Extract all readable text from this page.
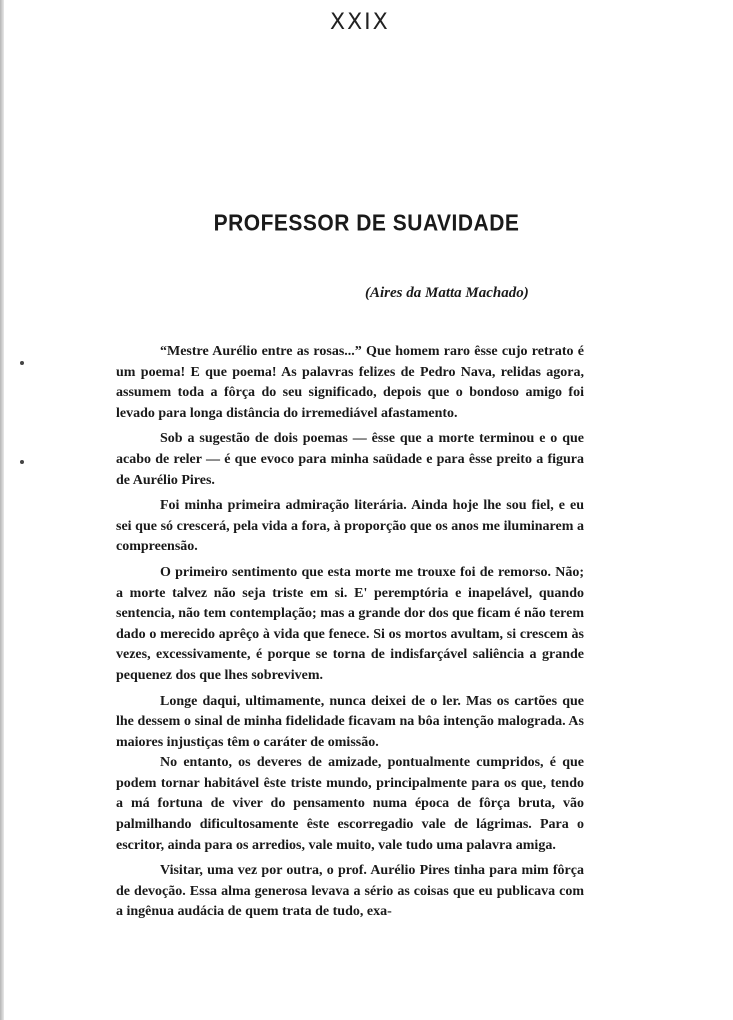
XXIX
PROFESSOR DE SUAVIDADE
(Aires da Matta Machado)

“Mestre Aurélio entre as rosas...” Que homem raro êsse cujo retrato é um poema! E que poema! As palavras felizes de Pedro Nava, relidas agora, assumem toda a fôrça do seu significado, depois que o bondoso amigo foi levado para longa distância do irremediável afastamento.

Sob a sugestão de dois poemas — êsse que a morte terminou e o que acabo de reler — é que evoco para minha saüdade e para êsse preito a figura de Aurélio Pires.

Foi minha primeira admiração literária. Ainda hoje lhe sou fiel, e eu sei que só crescerá, pela vida a fora, à proporção que os anos me iluminarem a compreensão.

O primeiro sentimento que esta morte me trouxe foi de remorso. Não; a morte talvez não seja triste em si. E' peremptória e inapelável, quando sentencia, não tem contemplação; mas a grande dor dos que ficam é não terem dado o merecido aprêço à vida que fenece. Si os mortos avultam, si crescem às vezes, excessivamente, é porque se torna de indisfarçável saliência a grande pequenez dos que lhes sobrevivem.

Longe daqui, ultimamente, nunca deixei de o ler. Mas os cartões que lhe dessem o sinal de minha fidelidade ficavam na bôa intenção malograda. As maiores injustiças têm o caráter de omissão.

No entanto, os deveres de amizade, pontualmente cumpridos, é que podem tornar habitável êste triste mundo, principalmente para os que, tendo a má fortuna de viver do pensamento numa época de fôrça bruta, vão palmilhando dificultosamente êste escorregadio vale de lágrimas. Para o escritor, ainda para os arredios, vale muito, vale tudo uma palavra amiga.

Visitar, uma vez por outra, o prof. Aurélio Pires tinha para mim fôrça de devoção. Essa alma generosa levava a sério as coisas que eu publicava com a ingênua audácia de quem trata de tudo, exa-
